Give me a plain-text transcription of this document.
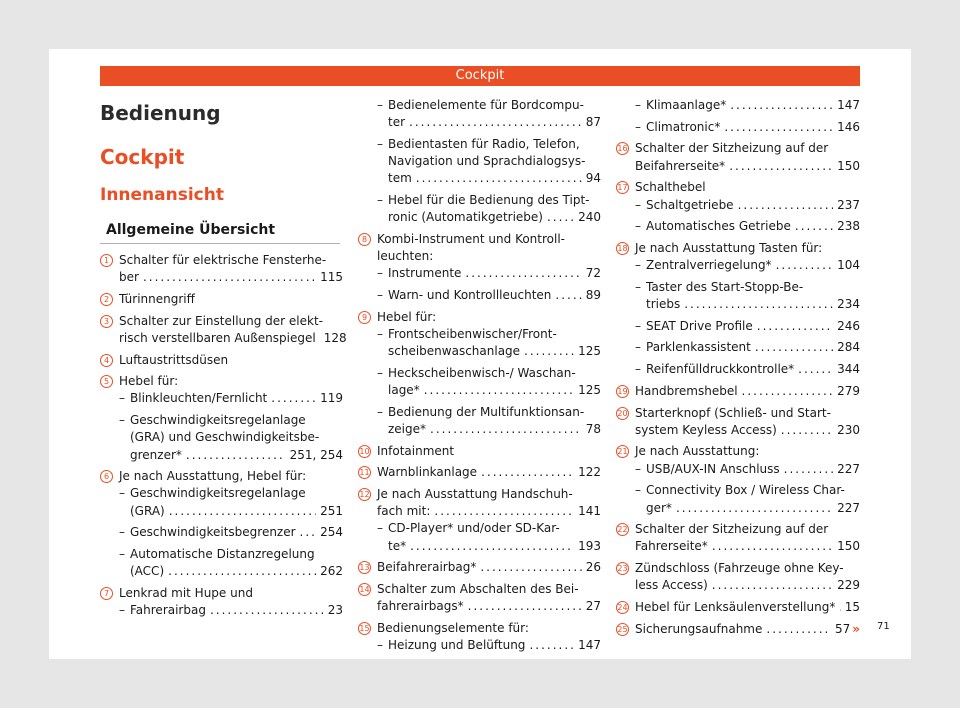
Cockpit
Bedienung
Cockpit
Innenansicht
Allgemeine Übersicht
1 Schalter für elektrische Fensterhe-
ber .....	115
2 Türinnengriff
3 Schalter zur Einstellung der elekt-
risch verstellbaren Außenspiegel 128
4 Luftaustrittsdüsen
5 Hebel für:
– Blinkleuchten/Fernlicht .....	119
– Geschwindigkeitsregelanlage
(GRA) und Geschwindigkeitsbe-
grenzer* .....	251, 254
6 Je nach Ausstattung, Hebel für:
– Geschwindigkeitsregelanlage
(GRA) .....	251
– Geschwindigkeitsbegrenzer ..... 254
– Automatische Distanzregelung
(ACC) .....	262
7 Lenkrad mit Hupe und
– Fahrerairbag .....	23
– Bedienelemente für Bordcompu-
ter .....	87
– Bedientasten für Radio, Telefon,
Navigation und Sprachdialogsys-
tem .....	94
– Hebel für die Bedienung des Tipt-
ronic (Automatikgetriebe) .....	240
8 Kombi-Instrument und Kontroll-
leuchten:
– Instrumente .....	72
– Warn- und Kontrollleuchten .....	89
9 Hebel für:
– Frontscheibenwischer/Front-
scheibenwaschanlage .....	125
– Heckscheibenwisch-/ Waschan-
lage* .....	125
– Bedienung der Multifunktionsan-
zeige* .....	78
10 Infotainment
11 Warnblinkanlage .....	122
12 Je nach Ausstattung Handschuh-
fach mit: .....	141
– CD-Player* und/oder SD-Kar-
te* .....	193
13 Beifahrerairbag* .....	26
14 Schalter zum Abschalten des Bei-
fahrerairbags* .....	27
15 Bedienungselemente für:
– Heizung und Belüftung .....	147
– Klimaanlage* .....	147
– Climatronic* .....	146
16 Schalter der Sitzheizung auf der
Beifahrerseite* .....	150
17 Schalthebel
– Schaltgetriebe .....	237
– Automatisches Getriebe .....	238
18 Je nach Ausstattung Tasten für:
– Zentralverriegelung* .....	104
– Taster des Start-Stopp-Be-
triebs .....	234
– SEAT Drive Profile .....	246
– Parklenkassistent .....	284
– Reifenfülldruckkontrolle* .....	344
19 Handbremshebel .....	279
20 Starterknopf (Schließ- und Start-
system Keyless Access) .....	230
21 Je nach Ausstattung:
– USB/AUX-IN Anschluss .....	227
– Connectivity Box / Wireless Char-
ger* .....	227
22 Schalter der Sitzheizung auf der
Fahrerseite* .....	150
23 Zündschloss (Fahrzeuge ohne Key-
less Access) .....	229
24 Hebel für Lenksäulenverstellung* ..... 15
25 Sicherungsaufnahme .....	57 » 71
